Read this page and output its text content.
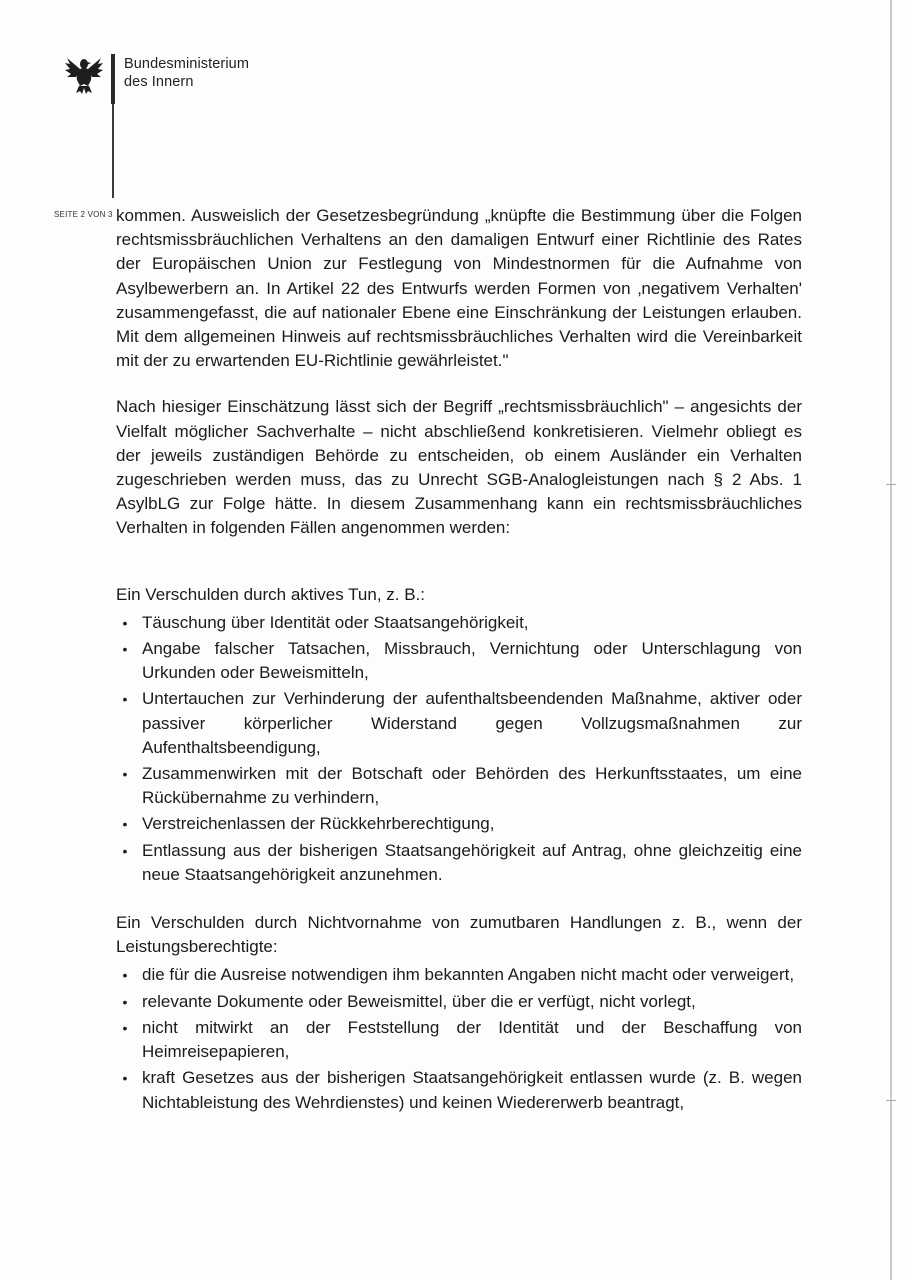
Bundesministerium
des Innern
SEITE 2 VON 3 kommen. Ausweislich der Gesetzesbegründung „knüpfte die Bestimmung über die Folgen rechtsmissbräuchlichen Verhaltens an den damaligen Entwurf einer Richtlinie des Rates der Europäischen Union zur Festlegung von Mindestnormen für die Aufnahme von Asylbewerbern an. In Artikel 22 des Entwurfs werden Formen von ‚negativem Verhalten' zusammengefasst, die auf nationaler Ebene eine Einschränkung der Leistungen erlauben. Mit dem allgemeinen Hinweis auf rechtsmissbräuchliches Verhalten wird die Vereinbarkeit mit der zu erwartenden EU-Richtlinie gewährleistet."

Nach hiesiger Einschätzung lässt sich der Begriff „rechtsmissbräuchlich" – angesichts der Vielfalt möglicher Sachverhalte – nicht abschließend konkretisieren. Vielmehr obliegt es der jeweils zuständigen Behörde zu entscheiden, ob einem Ausländer ein Verhalten zugeschrieben werden muss, das zu Unrecht SGB-Analogleistungen nach § 2 Abs. 1 AsylbLG zur Folge hätte. In diesem Zusammenhang kann ein rechtsmissbräuchliches Verhalten in folgenden Fällen angenommen werden:

Ein Verschulden durch aktives Tun, z. B.:

• Täuschung über Identität oder Staatsangehörigkeit,
• Angabe falscher Tatsachen, Missbrauch, Vernichtung oder Unterschlagung von Urkunden oder Beweismitteln,
• Untertauchen zur Verhinderung der aufenthaltsbeendenden Maßnahme, aktiver oder passiver körperlicher Widerstand gegen Vollzugsmaßnahmen zur Aufenthaltsbeendigung,
• Zusammenwirken mit der Botschaft oder Behörden des Herkunftsstaates, um eine Rückübernahme zu verhindern,
• Verstreichenlassen der Rückkehrberechtigung,
• Entlassung aus der bisherigen Staatsangehörigkeit auf Antrag, ohne gleichzeitig eine neue Staatsangehörigkeit anzunehmen.

Ein Verschulden durch Nichtvornahme von zumutbaren Handlungen z. B., wenn der Leistungsberechtigte:

• die für die Ausreise notwendigen ihm bekannten Angaben nicht macht oder verweigert,
• relevante Dokumente oder Beweismittel, über die er verfügt, nicht vorlegt,
• nicht mitwirkt an der Feststellung der Identität und der Beschaffung von Heimreisepapieren,
• kraft Gesetzes aus der bisherigen Staatsangehörigkeit entlassen wurde (z. B. wegen Nichtableistung des Wehrdienstes) und keinen Wiedererwerb beantragt,
